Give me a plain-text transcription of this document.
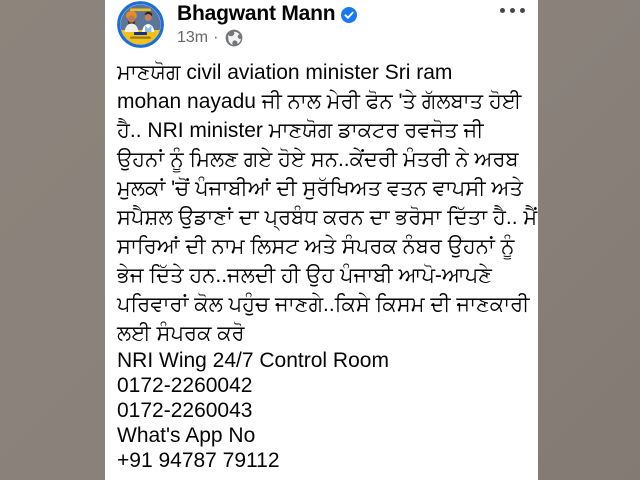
Bhagwant Mann
13m ·
ਮਾਣਯੋਗ civil aviation minister Sri ram
mohan nayadu ਜੀ ਨਾਲ ਮੇਰੀ ਫੋਨ 'ਤੇ ਗੱਲਬਾਤ ਹੋਈ
ਹੈ.. NRI minister ਮਾਣਯੋਗ ਡਾਕਟਰ ਰਵਜੋਤ ਜੀ
ਉਹਨਾਂ ਨੂੰ ਮਿਲਣ ਗਏ ਹੋਏ ਸਨ..ਕੇਂਦਰੀ ਮੰਤਰੀ ਨੇ ਅਰਬ
ਮੁਲਕਾਂ 'ਚੋਂ ਪੰਜਾਬੀਆਂ ਦੀ ਸੁਰੱਖਿਅਤ ਵਤਨ ਵਾਪਸੀ ਅਤੇ
ਸਪੈਸ਼ਲ ਉਡਾਣਾਂ ਦਾ ਪ੍ਰਬੰਧ ਕਰਨ ਦਾ ਭਰੋਸਾ ਦਿੱਤਾ ਹੈ.. ਮੈਂ
ਸਾਰਿਆਂ ਦੀ ਨਾਮ ਲਿਸਟ ਅਤੇ ਸੰਪਰਕ ਨੰਬਰ ਉਹਨਾਂ ਨੂੰ
ਭੇਜ ਦਿੱਤੇ ਹਨ..ਜਲਦੀ ਹੀ ਉਹ ਪੰਜਾਬੀ ਆਪੋ-ਆਪਣੇ
ਪਰਿਵਾਰਾਂ ਕੋਲ ਪਹੁੰਚ ਜਾਣਗੇ..ਕਿਸੇ ਕਿਸਮ ਦੀ ਜਾਣਕਾਰੀ
ਲਈ ਸੰਪਰਕ ਕਰੋ
NRI Wing 24/7 Control Room
0172-2260042
0172-2260043
What's App No
+91 94787 79112
